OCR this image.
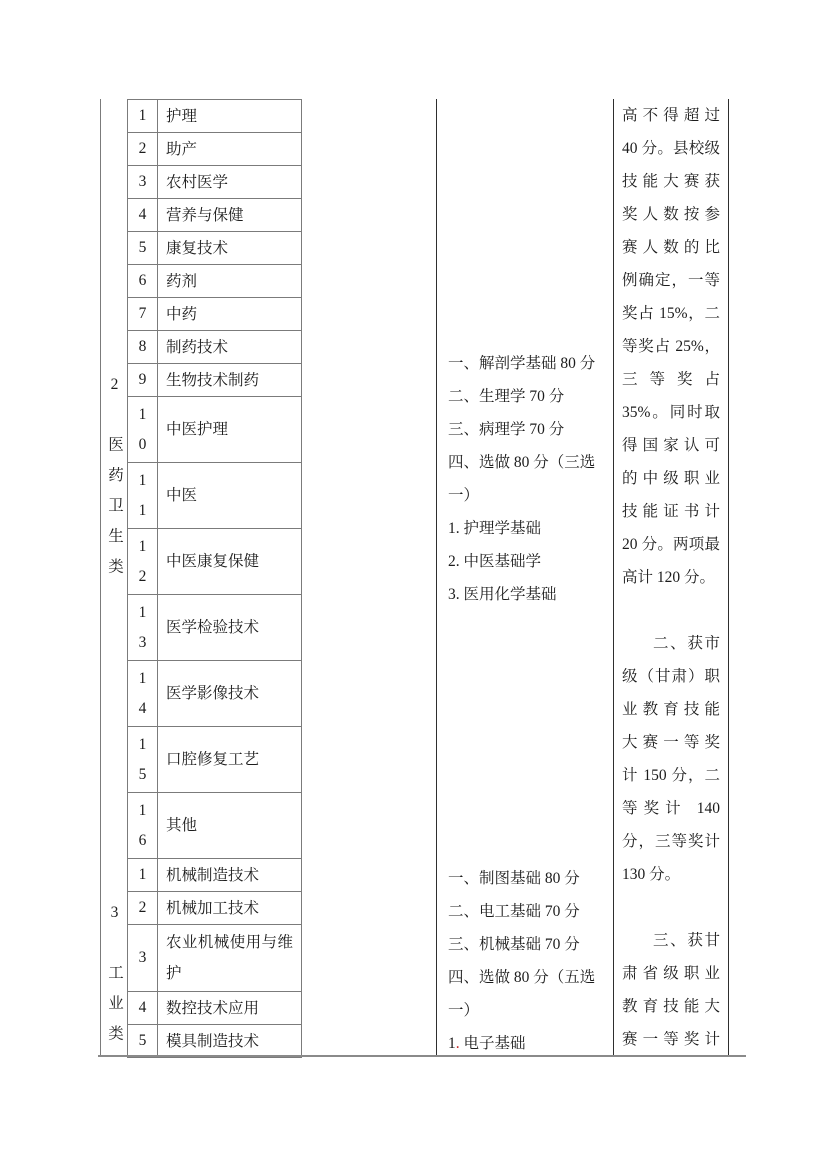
2
医药卫生类
3
工业类
1 护理
2 助产
3 农村医学
4 营养与保健
5 康复技术
6 药剂
7 中药
8 制药技术
9 生物技术制药
10
中医护理
11
中医
12
中医康复保健
13
医学检验技术
14
医学影像技术
15
口腔修复工艺
16
其他
1 机械制造技术
2 机械加工技术
3
农业机械使用与维护
4 数控技术应用
5 模具制造技术
一、解剖学基础 80 分
二、生理学 70 分
三、病理学 70 分
四、选做 80 分（三选
一）
1. 护理学基础
2. 中医基础学
3. 医用化学基础
一、制图基础 80 分
二、电工基础 70 分
三、机械基础 70 分
四、选做 80 分（五选
一）
1. 电子基础
高不得超过
40 分。县校级
技能大赛获
奖人数按参
赛人数的比
例确定，一等
奖占 15%，二
等奖占 25%，
三等奖占
35%。同时取
得国家认可
的中级职业
技能证书计
20 分。两项最
高计 120 分。

二、获市
级（甘肃）职
业教育技能
大赛一等奖
计 150 分，二
等奖计 140
分，三等奖计
130 分。

三、获甘
肃省级职业
教育技能大
赛一等奖计
